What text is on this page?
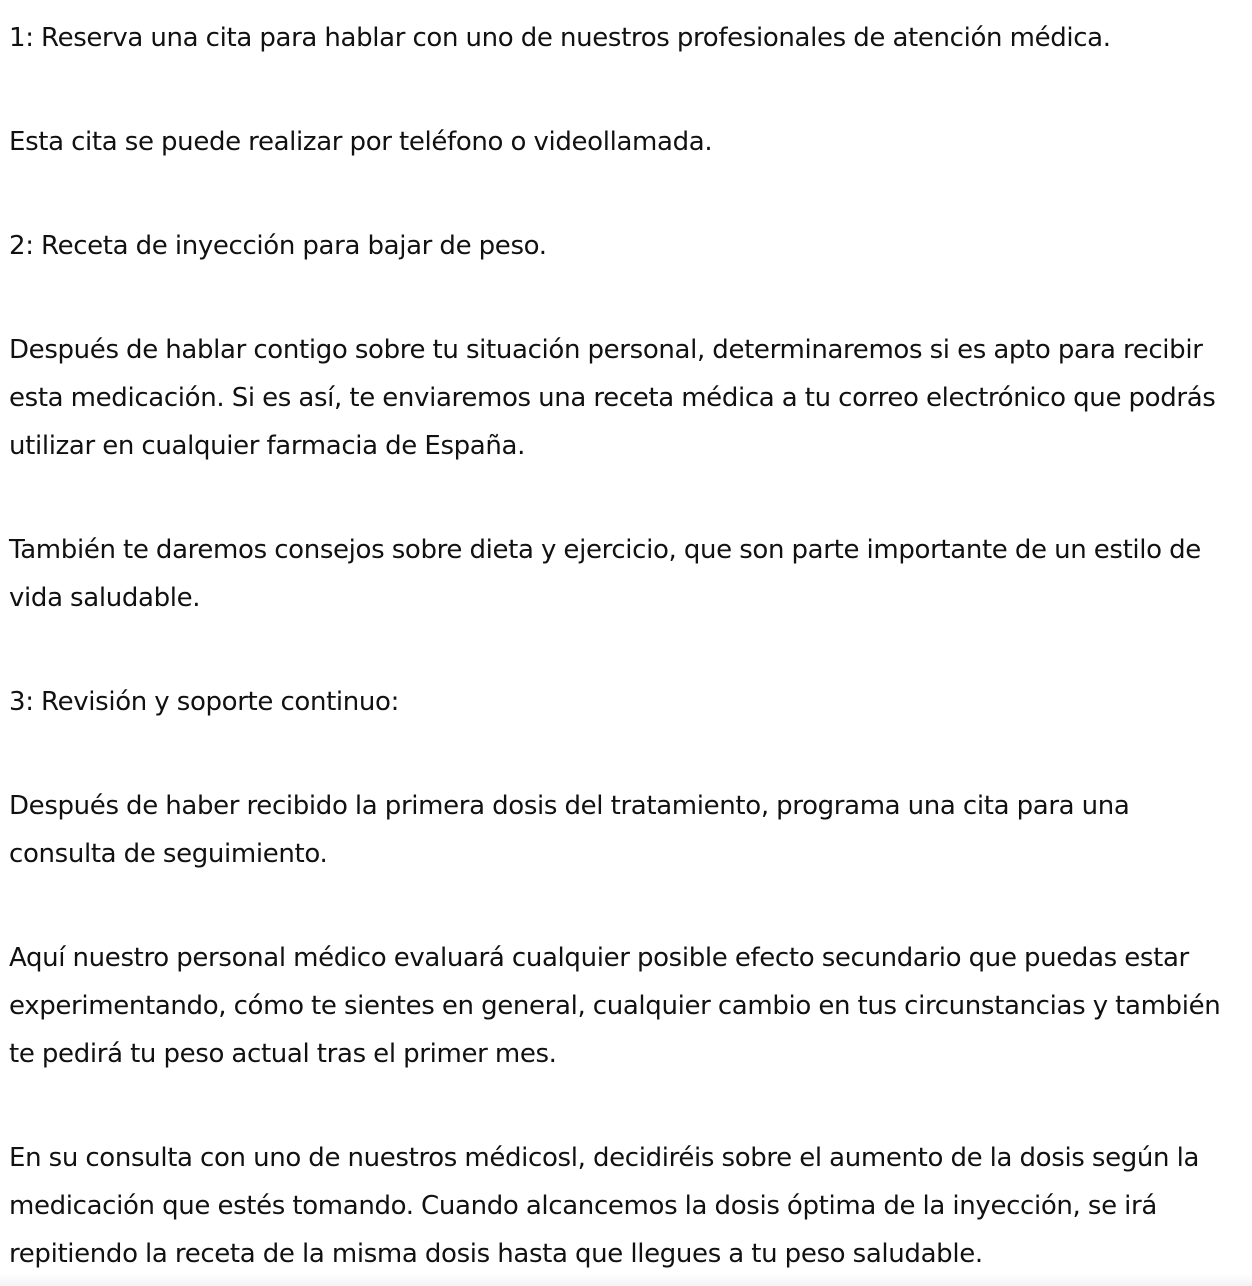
1: Reserva una cita para hablar con uno de nuestros profesionales de atención médica.

Esta cita se puede realizar por teléfono o videollamada.

2: Receta de inyección para bajar de peso.

Después de hablar contigo sobre tu situación personal, determinaremos si es apto para recibir esta medicación. Si es así, te enviaremos una receta médica a tu correo electrónico que podrás utilizar en cualquier farmacia de España.

También te daremos consejos sobre dieta y ejercicio, que son parte importante de un estilo de vida saludable.

3: Revisión y soporte continuo:

Después de haber recibido la primera dosis del tratamiento, programa una cita para una consulta de seguimiento.

Aquí nuestro personal médico evaluará cualquier posible efecto secundario que puedas estar experimentando, cómo te sientes en general, cualquier cambio en tus circunstancias y también te pedirá tu peso actual tras el primer mes.

En su consulta con uno de nuestros médicosl, decidiréis sobre el aumento de la dosis según la medicación que estés tomando. Cuando alcancemos la dosis óptima de la inyección, se irá repitiendo la receta de la misma dosis hasta que llegues a tu peso saludable.
